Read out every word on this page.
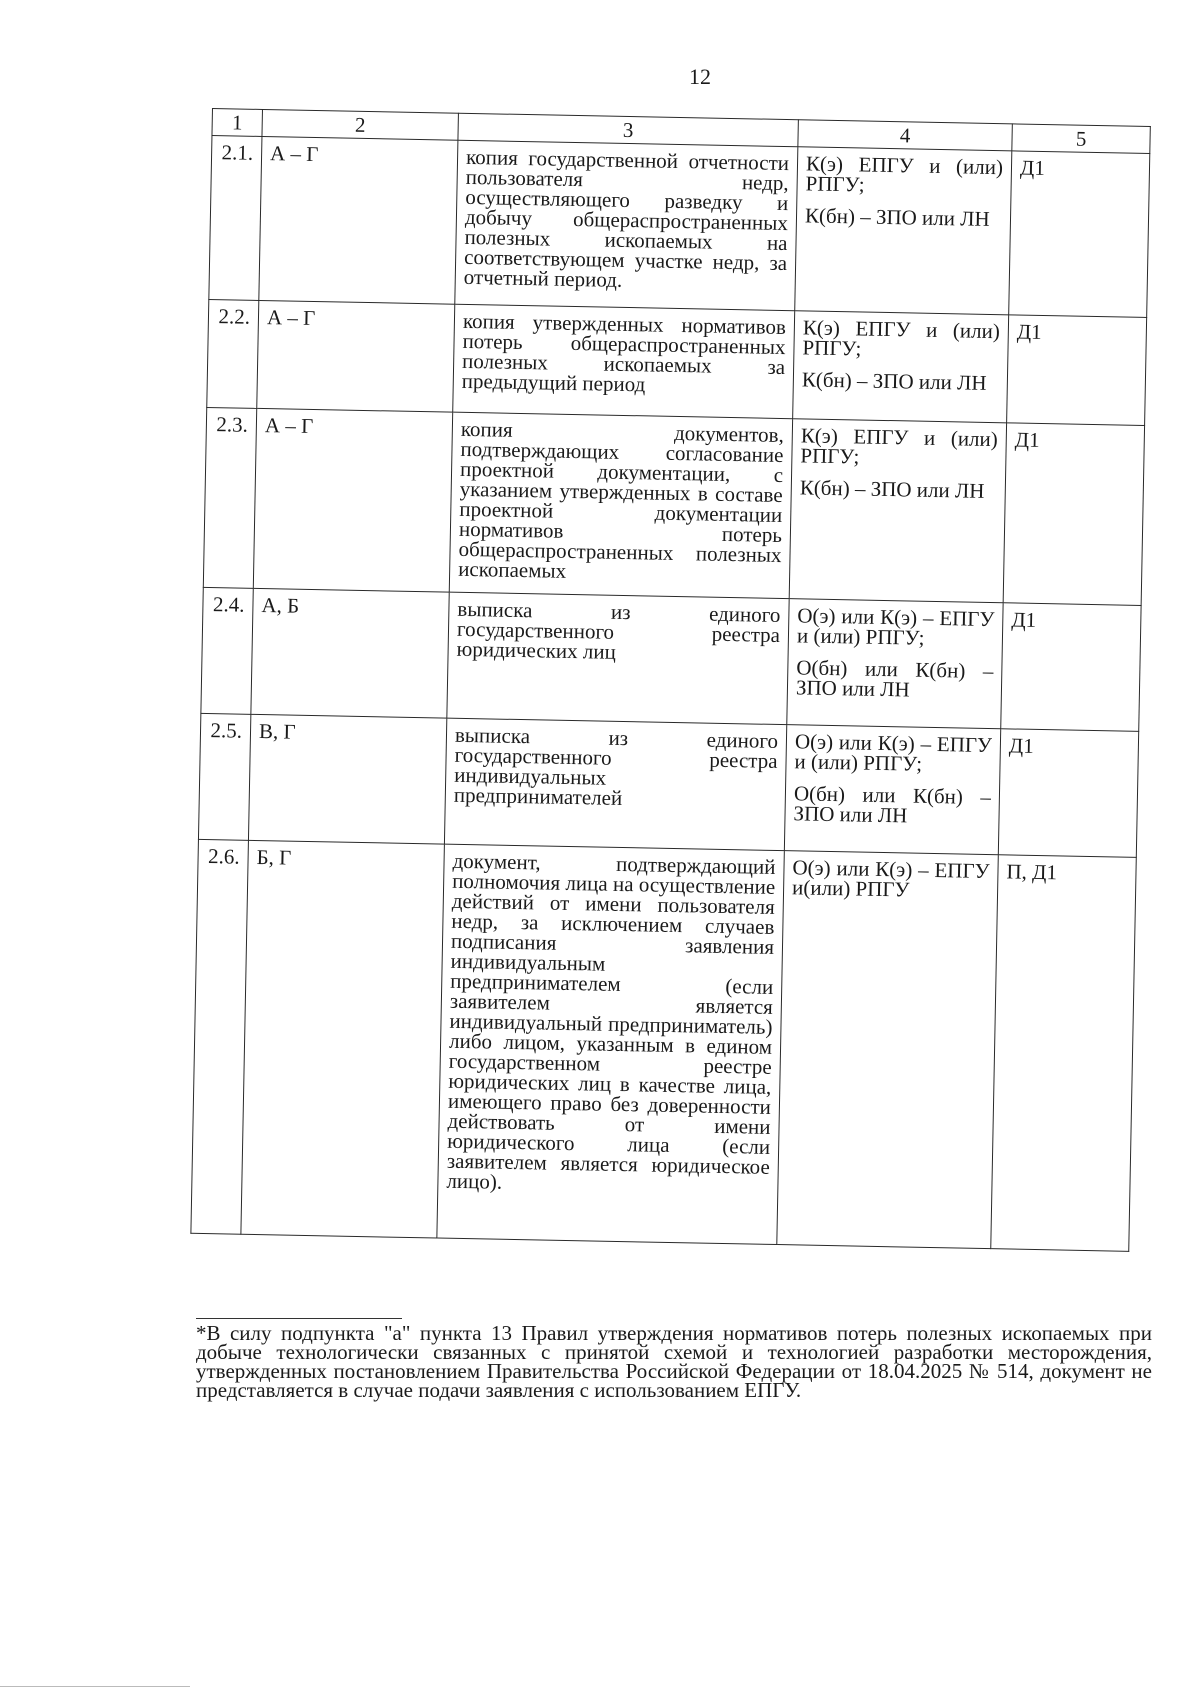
12
1	2	3	4	5
2.1.	А – Г	копия государственной отчетности пользователя недр, осуществляющего разведку и добычу общераспространенных полезных ископаемых на соответствующем участке недр, за отчетный период.	К(э) ЕПГУ и (или) РПГУ;

К(бн) – ЗПО или ЛН	Д1
2.2.	А – Г	копия утвержденных нормативов потерь общераспространенных полезных ископаемых за предыдущий период	К(э) ЕПГУ и (или) РПГУ;

К(бн) – ЗПО или ЛН	Д1
2.3.	А – Г	копия документов, подтверждающих согласование проектной документации, с указанием утвержденных в составе проектной документации нормативов потерь общераспространенных полезных ископаемых	К(э) ЕПГУ и (или) РПГУ;

К(бн) – ЗПО или ЛН	Д1
2.4.	А, Б	выписка из единого государственного реестра юридических лиц	О(э) или К(э) – ЕПГУ и (или) РПГУ;

О(бн) или К(бн) – ЗПО или ЛН	Д1
2.5.	В, Г	выписка из единого государственного реестра индивидуальных предпринимателей	О(э) или К(э) – ЕПГУ и (или) РПГУ;

О(бн) или К(бн) – ЗПО или ЛН	Д1
2.6.	Б, Г	документ, подтверждающий полномочия лица на осуществление действий от имени пользователя недр, за исключением случаев подписания заявления индивидуальным предпринимателем (если заявителем является индивидуальный предприниматель) либо лицом, указанным в едином государственном реестре юридических лиц в качестве лица, имеющего право без доверенности действовать от имени юридического лица (если заявителем является юридическое лицо).	О(э) или К(э) – ЕПГУ и(или) РПГУ	П, Д1

*В силу подпункта "а" пункта 13 Правил утверждения нормативов потерь полезных ископаемых при добыче технологически связанных с принятой схемой и технологией разработки месторождения, утвержденных постановлением Правительства Российской Федерации от 18.04.2025 № 514, документ не представляется в случае подачи заявления с использованием ЕПГУ.
